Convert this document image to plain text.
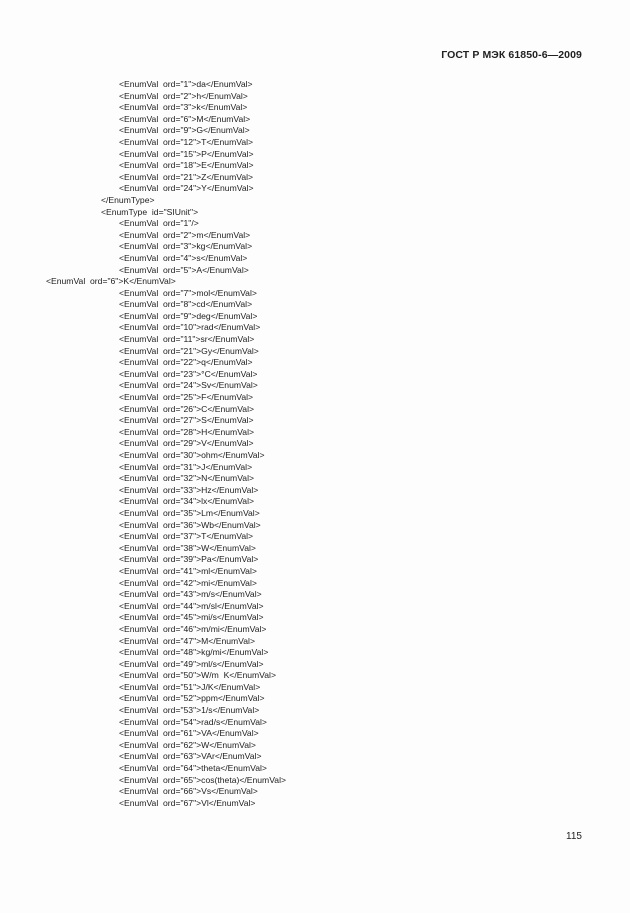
ГОСТ Р МЭК 61850-6—2009
<EnumVal  ord="1">da</EnumVal>
<EnumVal  ord="2">h</EnumVal>
<EnumVal  ord="3">k</EnumVal>
<EnumVal  ord="6">M</EnumVal>
<EnumVal  ord="9">G</EnumVal>
<EnumVal  ord="12">T</EnumVal>
<EnumVal  ord="15">P</EnumVal>
<EnumVal  ord="18">E</EnumVal>
<EnumVal  ord="21">Z</EnumVal>
<EnumVal  ord="24">Y</EnumVal>
</EnumType>
<EnumType  id="SIUnit">
<EnumVal  ord="1"/>
<EnumVal  ord="2">m</EnumVal>
<EnumVal  ord="3">kg</EnumVal>
<EnumVal  ord="4">s</EnumVal>
<EnumVal  ord="5">A</EnumVal>
<EnumVal  ord="6">K</EnumVal>
<EnumVal  ord="7">mol</EnumVal>
<EnumVal  ord="8">cd</EnumVal>
<EnumVal  ord="9">deg</EnumVal>
<EnumVal  ord="10">rad</EnumVal>
<EnumVal  ord="11">sr</EnumVal>
<EnumVal  ord="21">Gy</EnumVal>
<EnumVal  ord="22">q</EnumVal>
<EnumVal  ord="23">°C</EnumVal>
<EnumVal  ord="24">Sv</EnumVal>
<EnumVal  ord="25">F</EnumVal>
<EnumVal  ord="26">C</EnumVal>
<EnumVal  ord="27">S</EnumVal>
<EnumVal  ord="28">H</EnumVal>
<EnumVal  ord="29">V</EnumVal>
<EnumVal  ord="30">ohm</EnumVal>
<EnumVal  ord="31">J</EnumVal>
<EnumVal  ord="32">N</EnumVal>
<EnumVal  ord="33">Hz</EnumVal>
<EnumVal  ord="34">lx</EnumVal>
<EnumVal  ord="35">Lm</EnumVal>
<EnumVal  ord="36">Wb</EnumVal>
<EnumVal  ord="37">T</EnumVal>
<EnumVal  ord="38">W</EnumVal>
<EnumVal  ord="39">Pa</EnumVal>
<EnumVal  ord="41">ml</EnumVal>
<EnumVal  ord="42">mi</EnumVal>
<EnumVal  ord="43">m/s</EnumVal>
<EnumVal  ord="44">m/sl</EnumVal>
<EnumVal  ord="45">mi/s</EnumVal>
<EnumVal  ord="46">m/mi</EnumVal>
<EnumVal  ord="47">M</EnumVal>
<EnumVal  ord="48">kg/mi</EnumVal>
<EnumVal  ord="49">ml/s</EnumVal>
<EnumVal  ord="50">W/m  K</EnumVal>
<EnumVal  ord="51">J/K</EnumVal>
<EnumVal  ord="52">ppm</EnumVal>
<EnumVal  ord="53">1/s</EnumVal>
<EnumVal  ord="54">rad/s</EnumVal>
<EnumVal  ord="61">VA</EnumVal>
<EnumVal  ord="62">W</EnumVal>
<EnumVal  ord="63">VAr</EnumVal>
<EnumVal  ord="64">theta</EnumVal>
<EnumVal  ord="65">cos(theta)</EnumVal>
<EnumVal  ord="66">Vs</EnumVal>
<EnumVal  ord="67">Vl</EnumVal>
115
